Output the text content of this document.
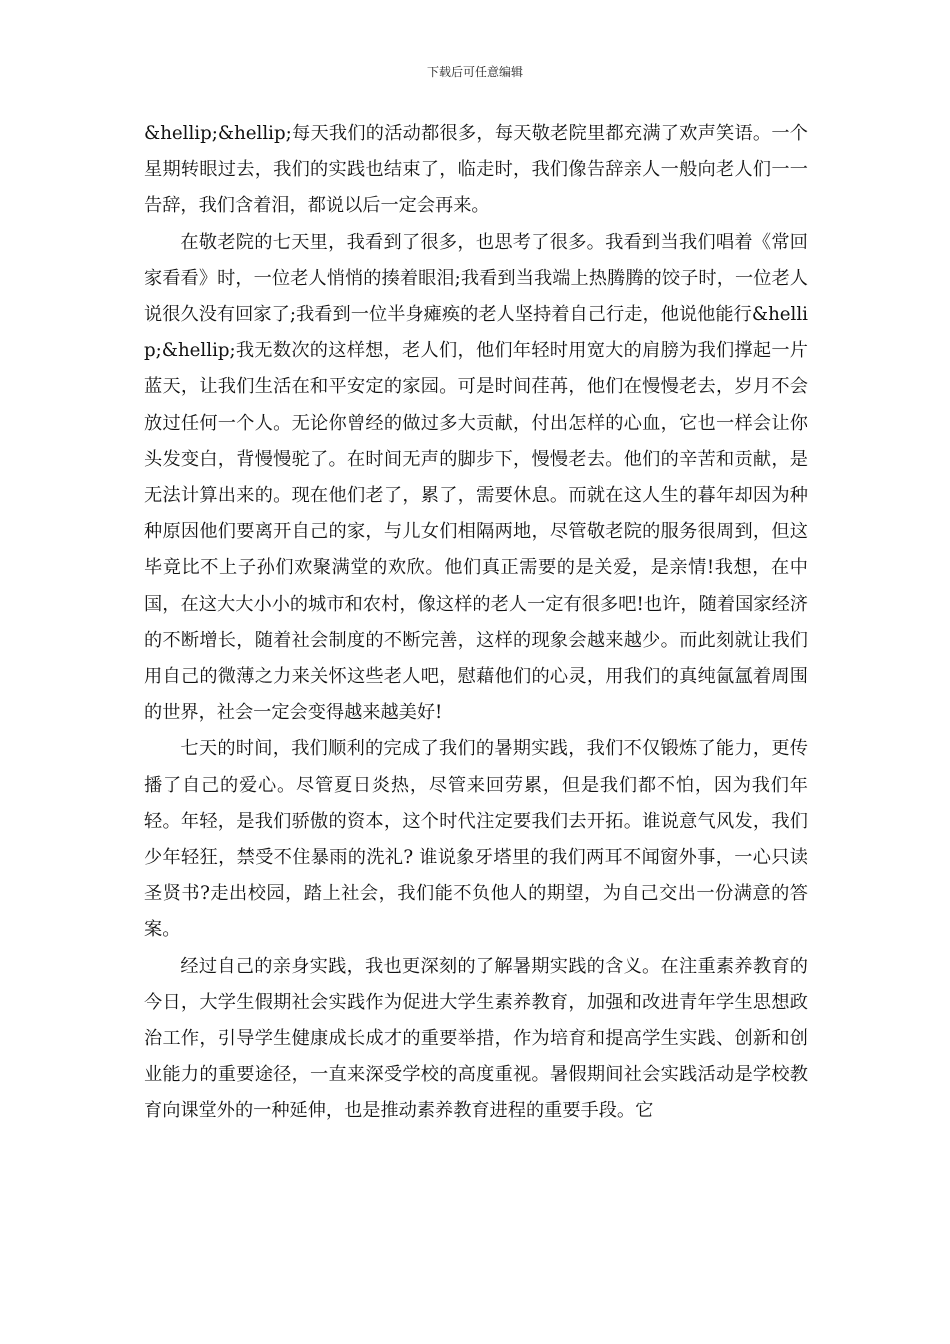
下载后可任意编辑

&hellip;&hellip;每天我们的活动都很多，每天敬老院里都充满了欢声笑语。一个星期转眼过去，我们的实践也结束了，临走时，我们像告辞亲人一般向老人们一一告辞，我们含着泪，都说以后一定会再来。

在敬老院的七天里，我看到了很多，也思考了很多。我看到当我们唱着《常回家看看》时，一位老人悄悄的揍着眼泪;我看到当我端上热腾腾的饺子时，一位老人说很久没有回家了;我看到一位半身瘫痪的老人坚持着自己行走，他说他能行&hellip;&hellip;我无数次的这样想，老人们，他们年轻时用宽大的肩膀为我们撑起一片蓝天，让我们生活在和平安定的家园。可是时间荏苒，他们在慢慢老去，岁月不会放过任何一个人。无论你曾经的做过多大贡献，付出怎样的心血，它也一样会让你头发变白，背慢慢驼了。在时间无声的脚步下，慢慢老去。他们的辛苦和贡献，是无法计算出来的。现在他们老了，累了，需要休息。而就在这人生的暮年却因为种种原因他们要离开自己的家，与儿女们相隔两地，尽管敬老院的服务很周到，但这毕竟比不上子孙们欢聚满堂的欢欣。他们真正需要的是关爱，是亲情!我想，在中国，在这大大小小的城市和农村，像这样的老人一定有很多吧!也许，随着国家经济的不断增长，随着社会制度的不断完善，这样的现象会越来越少。而此刻就让我们用自己的微薄之力来关怀这些老人吧，慰藉他们的心灵，用我们的真纯氤氲着周围的世界，社会一定会变得越来越美好!

七天的时间，我们顺利的完成了我们的暑期实践，我们不仅锻炼了能力，更传播了自己的爱心。尽管夏日炎热，尽管来回劳累，但是我们都不怕，因为我们年轻。年轻，是我们骄傲的资本，这个时代注定要我们去开拓。谁说意气风发，我们少年轻狂，禁受不住暴雨的洗礼? 谁说象牙塔里的我们两耳不闻窗外事，一心只读圣贤书?走出校园，踏上社会，我们能不负他人的期望，为自己交出一份满意的答案。

经过自己的亲身实践，我也更深刻的了解暑期实践的含义。在注重素养教育的今日，大学生假期社会实践作为促进大学生素养教育，加强和改进青年学生思想政治工作，引导学生健康成长成才的重要举措，作为培育和提高学生实践、创新和创业能力的重要途径，一直来深受学校的高度重视。暑假期间社会实践活动是学校教育向课堂外的一种延伸，也是推动素养教育进程的重要手段。它
